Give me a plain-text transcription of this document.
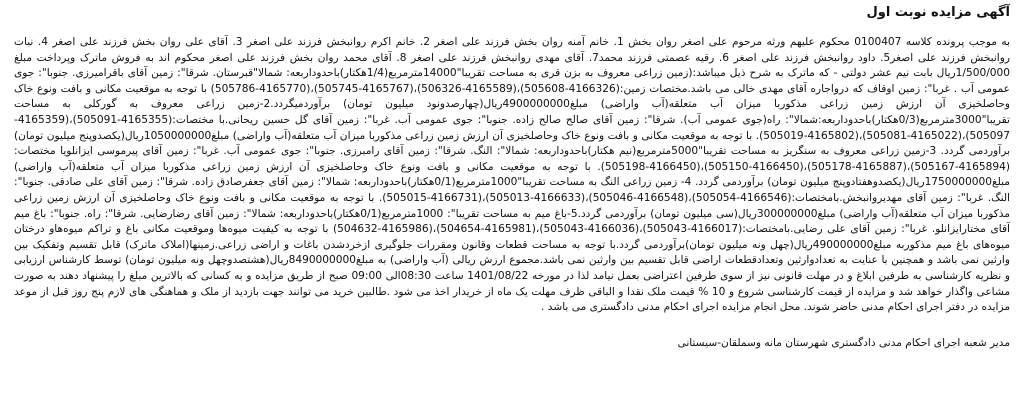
آگهی مزایده نوبت اول

به موجب پرونده کلاسه 0100407 محکوم علیهم ورثه مرحوم علی اصغر روان بخش 1. خانم آمنه روان بخش فرزند علی اصغر 2. خانم اکرم روانبخش فرزند علی اصغر 3. آقای علی روان بخش فرزند علی اصغر 4. نبات روانبخش فرزند علی اصغر5. داود روانبخش فرزند علی اصغر 6. رقیه عصمتی فرزند محمد7. آقای مهدی روانبخش فرزند علی اصغر 8. آقای محمد روان بخش فرزند علی اصغر محکوم اند به فروش ماترک وپرداخت مبلغ 1/500/000ریال بابت نیم عشر دولتی - که ماترک به شرح ذیل میباشد:(زمین زراعی معروف به بزن قری به مساحت تقریبا"14000مترمربع(1/4هکتار)باحدوداربعه: شمالا"قبرستان. شرقا": زمین آقای باقرامیرزی. جنوبا": جوی عمومی آب . غربا": زمین اوقاف که درواجاره آقای مهدی خالی می باشد.مختصات زمین:(4166326-505608)،(4165589-506326)،(4165767-505745)،(4165770-505786) با توجه به موقعیت مکانی و بافت ونوع خاک وحاصلخیزی آن ارزش زمین زراعی مذکوربا میزان آب متعلقه(آب واراضی) مبلغ4900000000ریال(چهارصدونود میلیون تومان) برآوردمیگردد.2-زمین زراعی معروف به گورکلی به مساحت تقریبا"3000مترمربع(0/3هکتار)باحدوداربعه:شمالا": راه(جوی عمومی آب). شرقا": زمین آقای صالح صالح زاده. جنوبا": جوی عمومی آب. غربا": زمین آقای گل حسین ریحانی.با مختصات:(4165355-505091)،(4165359-505097)،(4165022-505081)،(4165802-505019). با توجه به موقعیت مکانی و بافت ونوع خاک وحاصلخیزی آن ارزش زمین زراعی مذکوربا میزان آب متعلقه(آب واراضی) مبلغ1050000000ریال(یکصدوپنج میلیون تومان) برآوردمی گردد. 3-زمین زراعی معروف به سنگریز به مساحت تقریبا"5000مترمربع(نیم هکتار)باحدوداربعه: شمالا": النگ. شرقا": زمین آقای رامبرزی. جنوبا": جوی عمومی آب. غربا": زمین آقای پیرموسی ایزانلویا مختصات:(4165894-505167)،(4165887-505178)،(4166450-505150)،(4166450-505198). با توجه به موقعیت مکانی و بافت ونوع خاک وحاصلخیزی آن ارزش زمین زراعی مذکوربا میزان آب متعلقه(آب واراضی) مبلغ1750000000ریال(یکصدوهفتادوپنج میلیون تومان) برآوردمی گردد. 4- زمین زراعی النگ به مساحت تقریبا"1000مترمربع(0/1هکتار)باحدوداربعه: شمالا": زمین آقای جعفرصادق زاده. شرقا": زمین آقای علی صادقی. جنوبا": النگ. غربا": زمین آقای مهدیروانبخش.بامختصات:(4166546-505054)،(4166548-505046)،(4166633-505013)،(4166731-505015). با توجه به موقعیت مکانی و بافت ونوع خاک وحاصلخیزی آن ارزش زمین زراعی مذکوربا میزان آب متعلقه(آب واراضی) مبلغ300000000ریال(سی میلیون تومان) برآوردمی گردد.5-باغ میم به مساحت تقریبا": 1000مترمربع(0/1هکتار)باحدوداربعه: شمالا": زمین آقای رضارضایی. شرقا": راه. جنوبا": باغ میم آقای مختارایزانلو. غربا": زمین آقای علی رضایی.بامختصات:(4166017-505043)،(4166036-505043)،(4165981-504654)،(4165986-504632) با توجه به کیفیت میوه‌ها وموقعیت مکانی باغ و تراکم میوه‌هاو درختان میوه‌های باغ میم مذکوربه مبلغ490000000ریال(چهل ونه میلیون تومان)برآوردمی گردد.با توجه به مساحت قطعات وقانون ومقررات جلوگیری ازخردشدن باغات و اراضی زراعی.زمینها(املاک ماترک) قابل تقسیم وتفکیک بین وارثین نمی باشد و همچنین با عنایت به تعدادوارثین وتعدادقطعات اراضی قابل تقسیم بین وارثین نمی باشد.مجموع ارزش ریالی (آب واراضی) به مبلغ8490000000ریال(هشتصدوچهل ونه میلیون تومان) توسط کارشناس ارزیابی و نظریه کارشناسی به طرفین ابلاغ و در مهلت قانونی نیز از سوی طرفین اعتراضی بعمل نیامد لذا در مورخه 1401/08/22 ساعت 08:30الی 09:00 صبح از طریق مزایده و به کسانی که بالاترین مبلغ را پیشنهاد دهند به صورت مشاعی واگذار خواهد شد و مزایده از قیمت کارشناسی شروع و 10 % قیمت ملک نقدا و الباقی ظرف مهلت یک ماه از خریدار اخذ می شود .طالبین خرید می توانند جهت بازدید از ملک و هماهنگی های لازم پنج روز قبل از موعد مزایده در دفتر اجرای احکام مدنی حاضر شوند. محل انجام مزایده اجرای احکام مدنی دادگستری می باشد .

مدیر شعبه اجرای احکام مدنی دادگستری شهرستان مانه وسملقان-سیستانی
